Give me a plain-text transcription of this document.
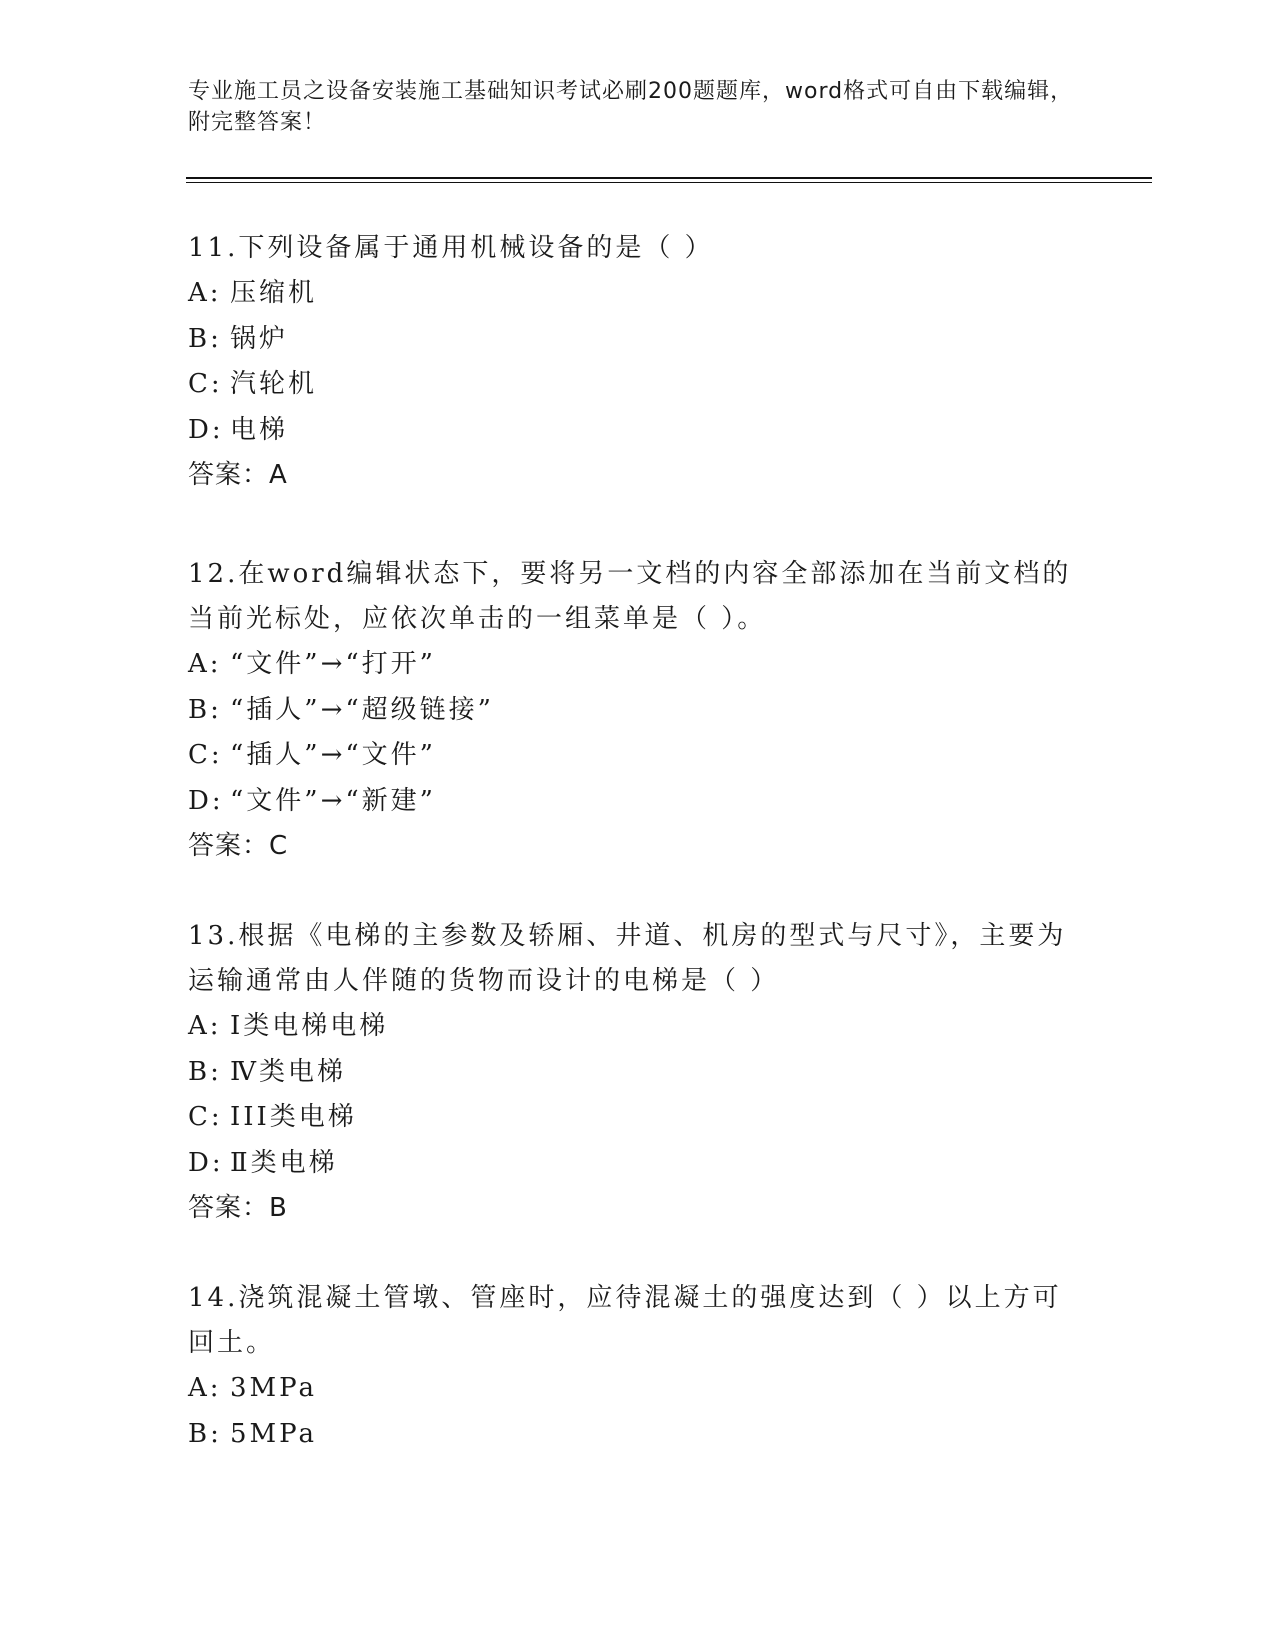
专业施工员之设备安装施工基础知识考试必刷200题题库，word格式可自由下载编辑，附完整答案！

11.下列设备属于通用机械设备的是（ ）

A: 压缩机

B: 锅炉

C: 汽轮机

D: 电梯

答案：A

12.在word编辑状态下，要将另一文档的内容全部添加在当前文档的当前光标处，应依次单击的一组菜单是（ ）。

A: “文件”→“打开”

B: “插人”→“超级链接”

C: “插人”→“文件”

D: “文件”→“新建”

答案：C

13.根据《电梯的主参数及轿厢、井道、机房的型式与尺寸》，主要为运输通常由人伴随的货物而设计的电梯是（ ）

A: Ⅰ类电梯电梯

B: Ⅳ类电梯

C: III类电梯

D: Ⅱ类电梯

答案：B

14.浇筑混凝土管墩、管座时，应待混凝土的强度达到（ ）以上方可回土。

A: 3MPa

B: 5MPa
